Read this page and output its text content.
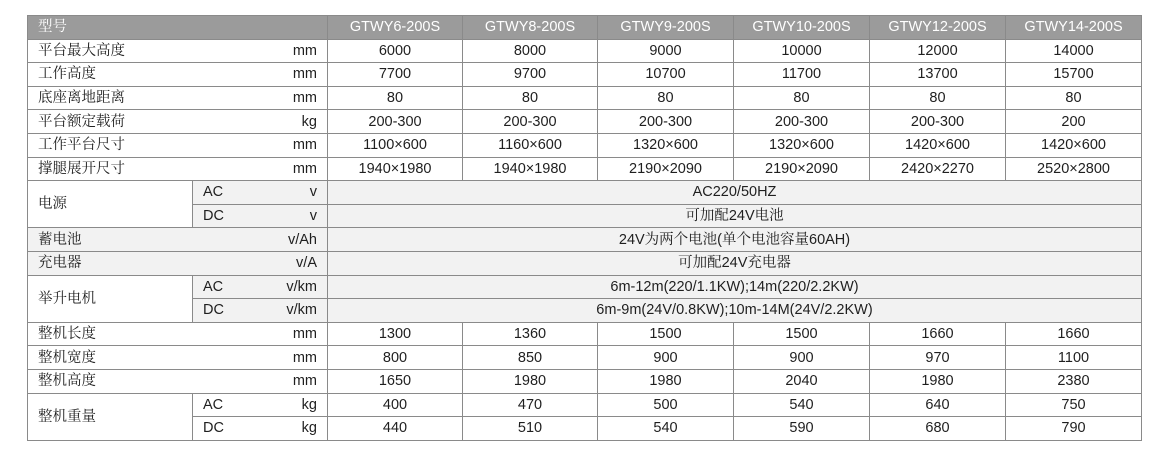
型号		GTWY6-200S	GTWY8-200S	GTWY9-200S	GTWY10-200S	GTWY12-200S	GTWY14-200S

平台最大高度 mm		6000	8000	9000	10000	12000	14000

工作高度 mm		7700	9700	10700	11700	13700	15700

底座离地距离 mm		80	80	80	80	80	80

平台额定载荷 kg		200-300	200-300	200-300	200-300	200-300	200

工作平台尺寸 mm		1100×600	1160×600	1320×600	1320×600	1420×600	1420×600

撑腿展开尺寸 mm		1940×1980	1940×1980	2190×2090	2190×2090	2420×2270	2520×2800
电源	AC v	AC220/50HZ					

	DC v	可加配24V电池					

蓄电池 v/Ah		24V为两个电池(单个电池容量60AH)					

充电器 v/A		可加配24V充电器					
举升电机	AC v/km	6m-12m(220/1.1KW);14m(220/2.2KW)					

	DC v/km	6m-9m(24V/0.8KW);10m-14M(24V/2.2KW)					

整机长度 mm		1300	1360	1500	1500	1660	1660

整机宽度 mm		800	850	900	900	970	1100

整机高度 mm		1650	1980	1980	2040	1980	2380
整机重量	AC kg	400	470	500	540	640	750

	DC kg	440	510	540	590	680	790
